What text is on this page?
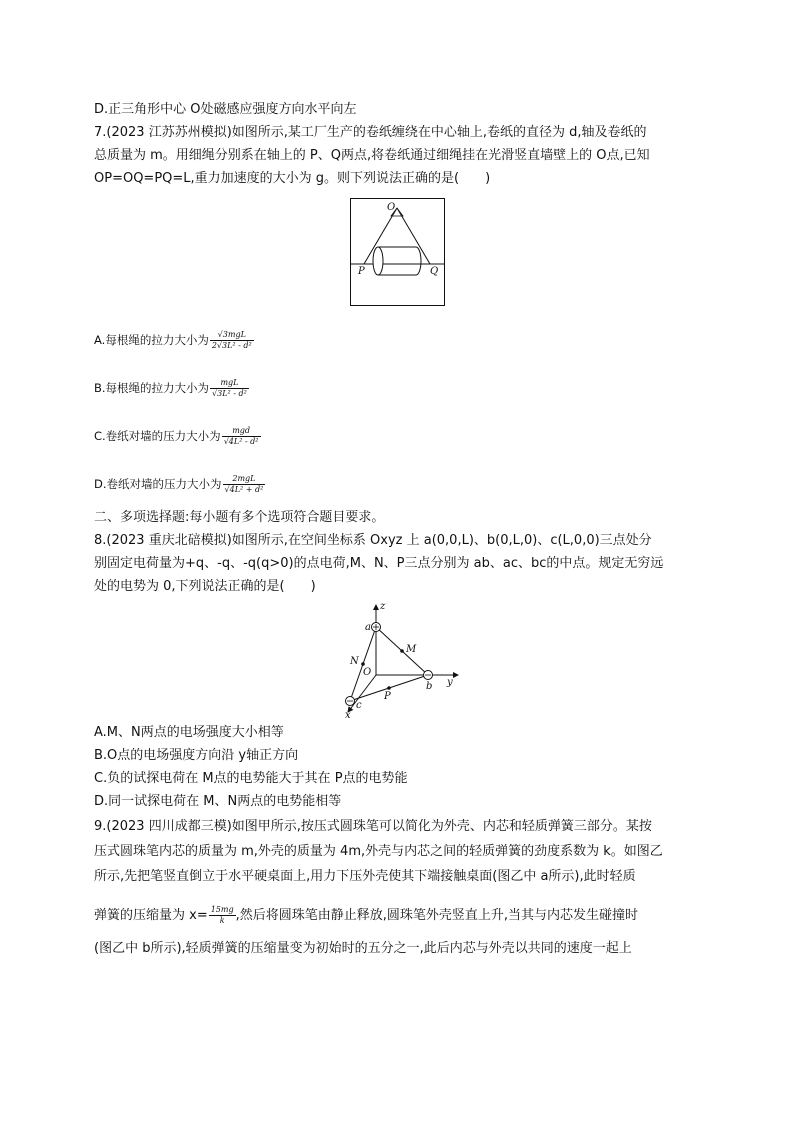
D.正三角形中心 O处磁感应强度方向水平向左
7.(2023 江苏苏州模拟)如图所示,某工厂生产的卷纸缠绕在中心轴上,卷纸的直径为 d,轴及卷纸的
总质量为 m。用细绳分别系在轴上的 P、Q两点,将卷纸通过细绳挂在光滑竖直墙壁上的 O点,已知
OP=OQ=PQ=L,重力加速度的大小为 g。则下列说法正确的是(　　)
O
P	Q
A.每根绳的拉力大小为 $\frac{\text{√3mgL}}{\text{2√3L² - d²}}$
B.每根绳的拉力大小为 $\frac{\text{mgL}}{\text{√3L² - d²}}$
C.卷纸对墙的压力大小为 $\frac{\text{mgd}}{\text{√4L² - d²}}$
D.卷纸对墙的压力大小为 $\frac{\text{2mgL}}{\text{√4L² + d²}}$
二、多项选择题:每小题有多个选项符合题目要求。
8.(2023 重庆北碚模拟)如图所示,在空间坐标系 Oxyz 上 a(0,0,L)、b(0,L,0)、c(L,0,0)三点处分
别固定电荷量为+q、-q、-q(q>0)的点电荷,M、N、P三点分别为 ab、ac、bc的中点。规定无穷远
处的电势为 0,下列说法正确的是(　　)
z
a
M
N
O
b y
c
P
x
A.M、N两点的电场强度大小相等
B.O点的电场强度方向沿 y轴正方向
C.负的试探电荷在 M点的电势能大于其在 P点的电势能
D.同一试探电荷在 M、N两点的电势能相等
9.(2023 四川成都三模)如图甲所示,按压式圆珠笔可以简化为外壳、内芯和轻质弹簧三部分。某按
压式圆珠笔内芯的质量为 m,外壳的质量为 4m,外壳与内芯之间的轻质弹簧的劲度系数为 k。如图乙
所示,先把笔竖直倒立于水平硬桌面上,用力下压外壳使其下端接触桌面(图乙中 a所示),此时轻质
弹簧的压缩量为 $x= \frac{15mg}{k}$ ,然后将圆珠笔由静止释放,圆珠笔外壳竖直上升,当其与内芯发生碰撞时
(图乙中 b所示),轻质弹簧的压缩量变为初始时的五分之一,此后内芯与外壳以共同的速度一起上
